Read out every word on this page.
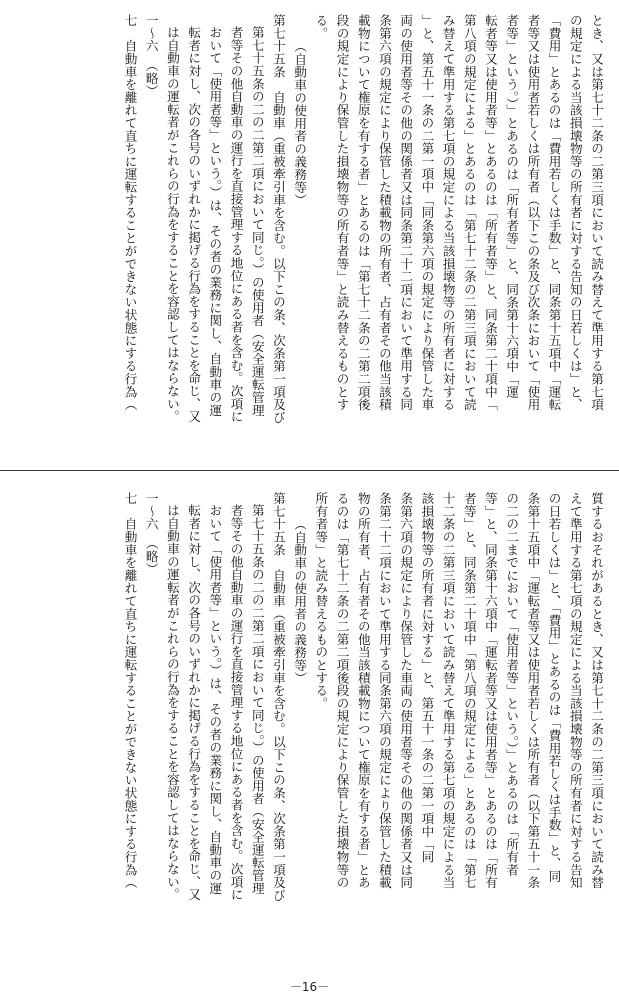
とき、又は第七十二条の二第三項において読み替えて準用する第七項

の規定による当該損壊物等の所有者に対する告知の日若しくは」と、

「費用」とあるのは「費用若しくは手数」と、同条第十五項中「運転

者等又は使用者若しくは所有者（以下この条及び次条において「使用

者等」という。）」とあるのは「所有者等」と、同条第十六項中「運

転者等又は使用者等」とあるのは「所有者等」と、同条第二十項中「

第八項の規定による」とあるのは「第七十二条の二第三項において読

み替えて準用する第七項の規定による当該損壊物等の所有者に対する

」と、第五十一条の二第一項中「同条第六項の規定により保管した車

両の使用者等その他の関係者又は同条第二十二項において準用する同

条第六項の規定により保管した積載物の所有者、占有者その他当該積

載物について権原を有する者」とあるのは「第七十二条の二第二項後

段の規定により保管した損壊物等の所有者等」と読み替えるものとす

る。

（自動車の使用者の義務等）

第七十五条　自動車（重被牽引車を含む。以下この条、次条第一項及び

第七十五条の二の二第二項において同じ。）の使用者（安全運転管理

者等その他自動車の運行を直接管理する地位にある者を含む。次項に

おいて「使用者等」という。）は、その者の業務に関し、自動車の運

転者に対し、次の各号のいずれかに掲げる行為をすることを命じ、又

は自動車の運転者がこれらの行為をすることを容認してはならない。

一〜六　（略）

七　自動車を離れて直ちに運転することができない状態にする行為（

質するおそれがあるとき、又は第七十二条の二第三項において読み替

えて準用する第七項の規定による当該損壊物等の所有者に対する告知

の日若しくは」と、「費用」とあるのは「費用若しくは手数」と、同

条第十五項中「運転者等又は使用者若しくは所有者（以下第五十一条

の二の二までにおいて「使用者等」という。）」とあるのは「所有者

等」と、同条第十六項中「運転者等又は使用者等」とあるのは「所有

者等」と、同条第二十項中「第八項の規定による」とあるのは「第七

十二条の二第三項において読み替えて準用する第七項の規定による当

該損壊物等の所有者に対する」と、第五十一条の二第一項中「同

条第六項の規定により保管した車両の使用者等その他の関係者又は同

条第二十二項において準用する同条第六項の規定により保管した積載

物の所有者、占有者その他当該積載物について権原を有する者」とあ

るのは「第七十二条の二第二項後段の規定により保管した損壊物等の

所有者等」と読み替えるものとする。

（自動車の使用者の義務等）

第七十五条　自動車（重被牽引車を含む。以下この条、次条第一項及び

第七十五条の二の二第二項において同じ。）の使用者（安全運転管理

者等その他自動車の運行を直接管理する地位にある者を含む。次項に

おいて「使用者等」という。）は、その者の業務に関し、自動車の運

転者に対し、次の各号のいずれかに掲げる行為をすることを命じ、又

は自動車の運転者がこれらの行為をすることを容認してはならない。

一〜六　（略）

七　自動車を離れて直ちに運転することができない状態にする行為（

－16－
